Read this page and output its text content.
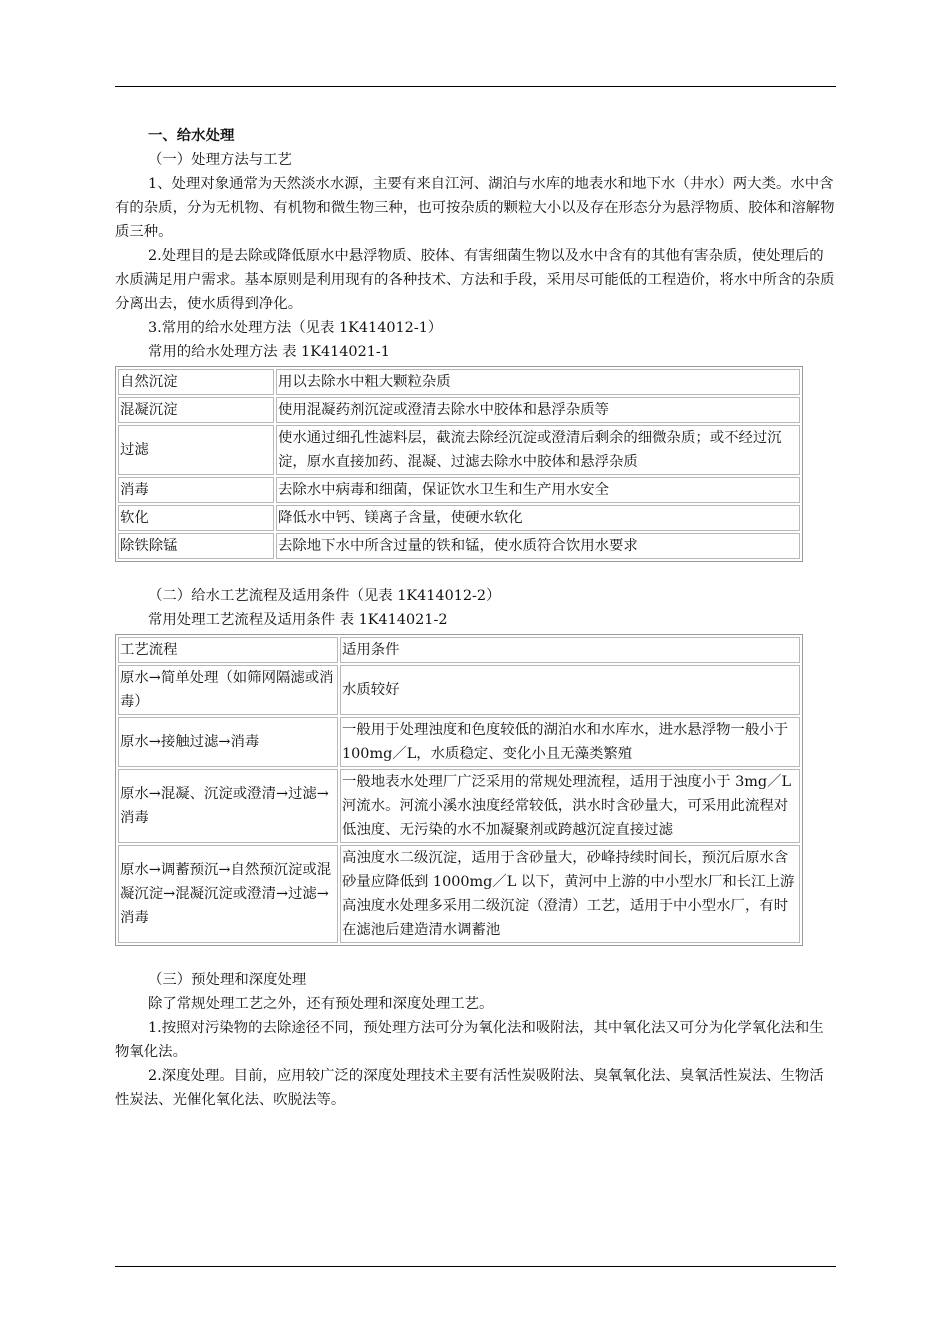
一、给水处理

（一）处理方法与工艺

1、处理对象通常为天然淡水水源，主要有来自江河、湖泊与水库的地表水和地下水（井水）两大类。水中含有的杂质，分为无机物、有机物和微生物三种，也可按杂质的颗粒大小以及存在形态分为悬浮物质、胶体和溶解物质三种。

2.处理目的是去除或降低原水中悬浮物质、胶体、有害细菌生物以及水中含有的其他有害杂质，使处理后的水质满足用户需求。基本原则是利用现有的各种技术、方法和手段，采用尽可能低的工程造价，将水中所含的杂质分离出去，使水质得到净化。

3.常用的给水处理方法（见表 1K414012-1）

常用的给水处理方法 表 1K414021-1

自然沉淀	用以去除水中粗大颗粒杂质
混凝沉淀	使用混凝药剂沉淀或澄清去除水中胶体和悬浮杂质等
过滤	使水通过细孔性滤料层，截流去除经沉淀或澄清后剩余的细微杂质；或不经过沉淀，原水直接加药、混凝、过滤去除水中胶体和悬浮杂质
消毒	去除水中病毒和细菌，保证饮水卫生和生产用水安全
软化	降低水中钙、镁离子含量，使硬水软化
除铁除锰	去除地下水中所含过量的铁和锰，使水质符合饮用水要求

（二）给水工艺流程及适用条件（见表 1K414012-2）

常用处理工艺流程及适用条件 表 1K414021-2

工艺流程	适用条件
原水→简单处理（如筛网隔滤或消毒）	水质较好
原水→接触过滤→消毒	一般用于处理浊度和色度较低的湖泊水和水库水，进水悬浮物一般小于 100mg／L，水质稳定、变化小且无藻类繁殖
原水→混凝、沉淀或澄清→过滤→消毒	一般地表水处理厂广泛采用的常规处理流程，适用于浊度小于 3mg／L 河流水。河流小溪水浊度经常较低，洪水时含砂量大，可采用此流程对低浊度、无污染的水不加凝聚剂或跨越沉淀直接过滤
原水→调蓄预沉→自然预沉淀或混凝沉淀→混凝沉淀或澄清→过滤→消毒	高浊度水二级沉淀，适用于含砂量大，砂峰持续时间长，预沉后原水含砂量应降低到 1000mg／L 以下，黄河中上游的中小型水厂和长江上游高浊度水处理多采用二级沉淀（澄清）工艺，适用于中小型水厂，有时在滤池后建造清水调蓄池

（三）预处理和深度处理

除了常规处理工艺之外，还有预处理和深度处理工艺。

1.按照对污染物的去除途径不同，预处理方法可分为氧化法和吸附法，其中氧化法又可分为化学氧化法和生物氧化法。

2.深度处理。目前，应用较广泛的深度处理技术主要有活性炭吸附法、臭氧氧化法、臭氧活性炭法、生物活性炭法、光催化氧化法、吹脱法等。
